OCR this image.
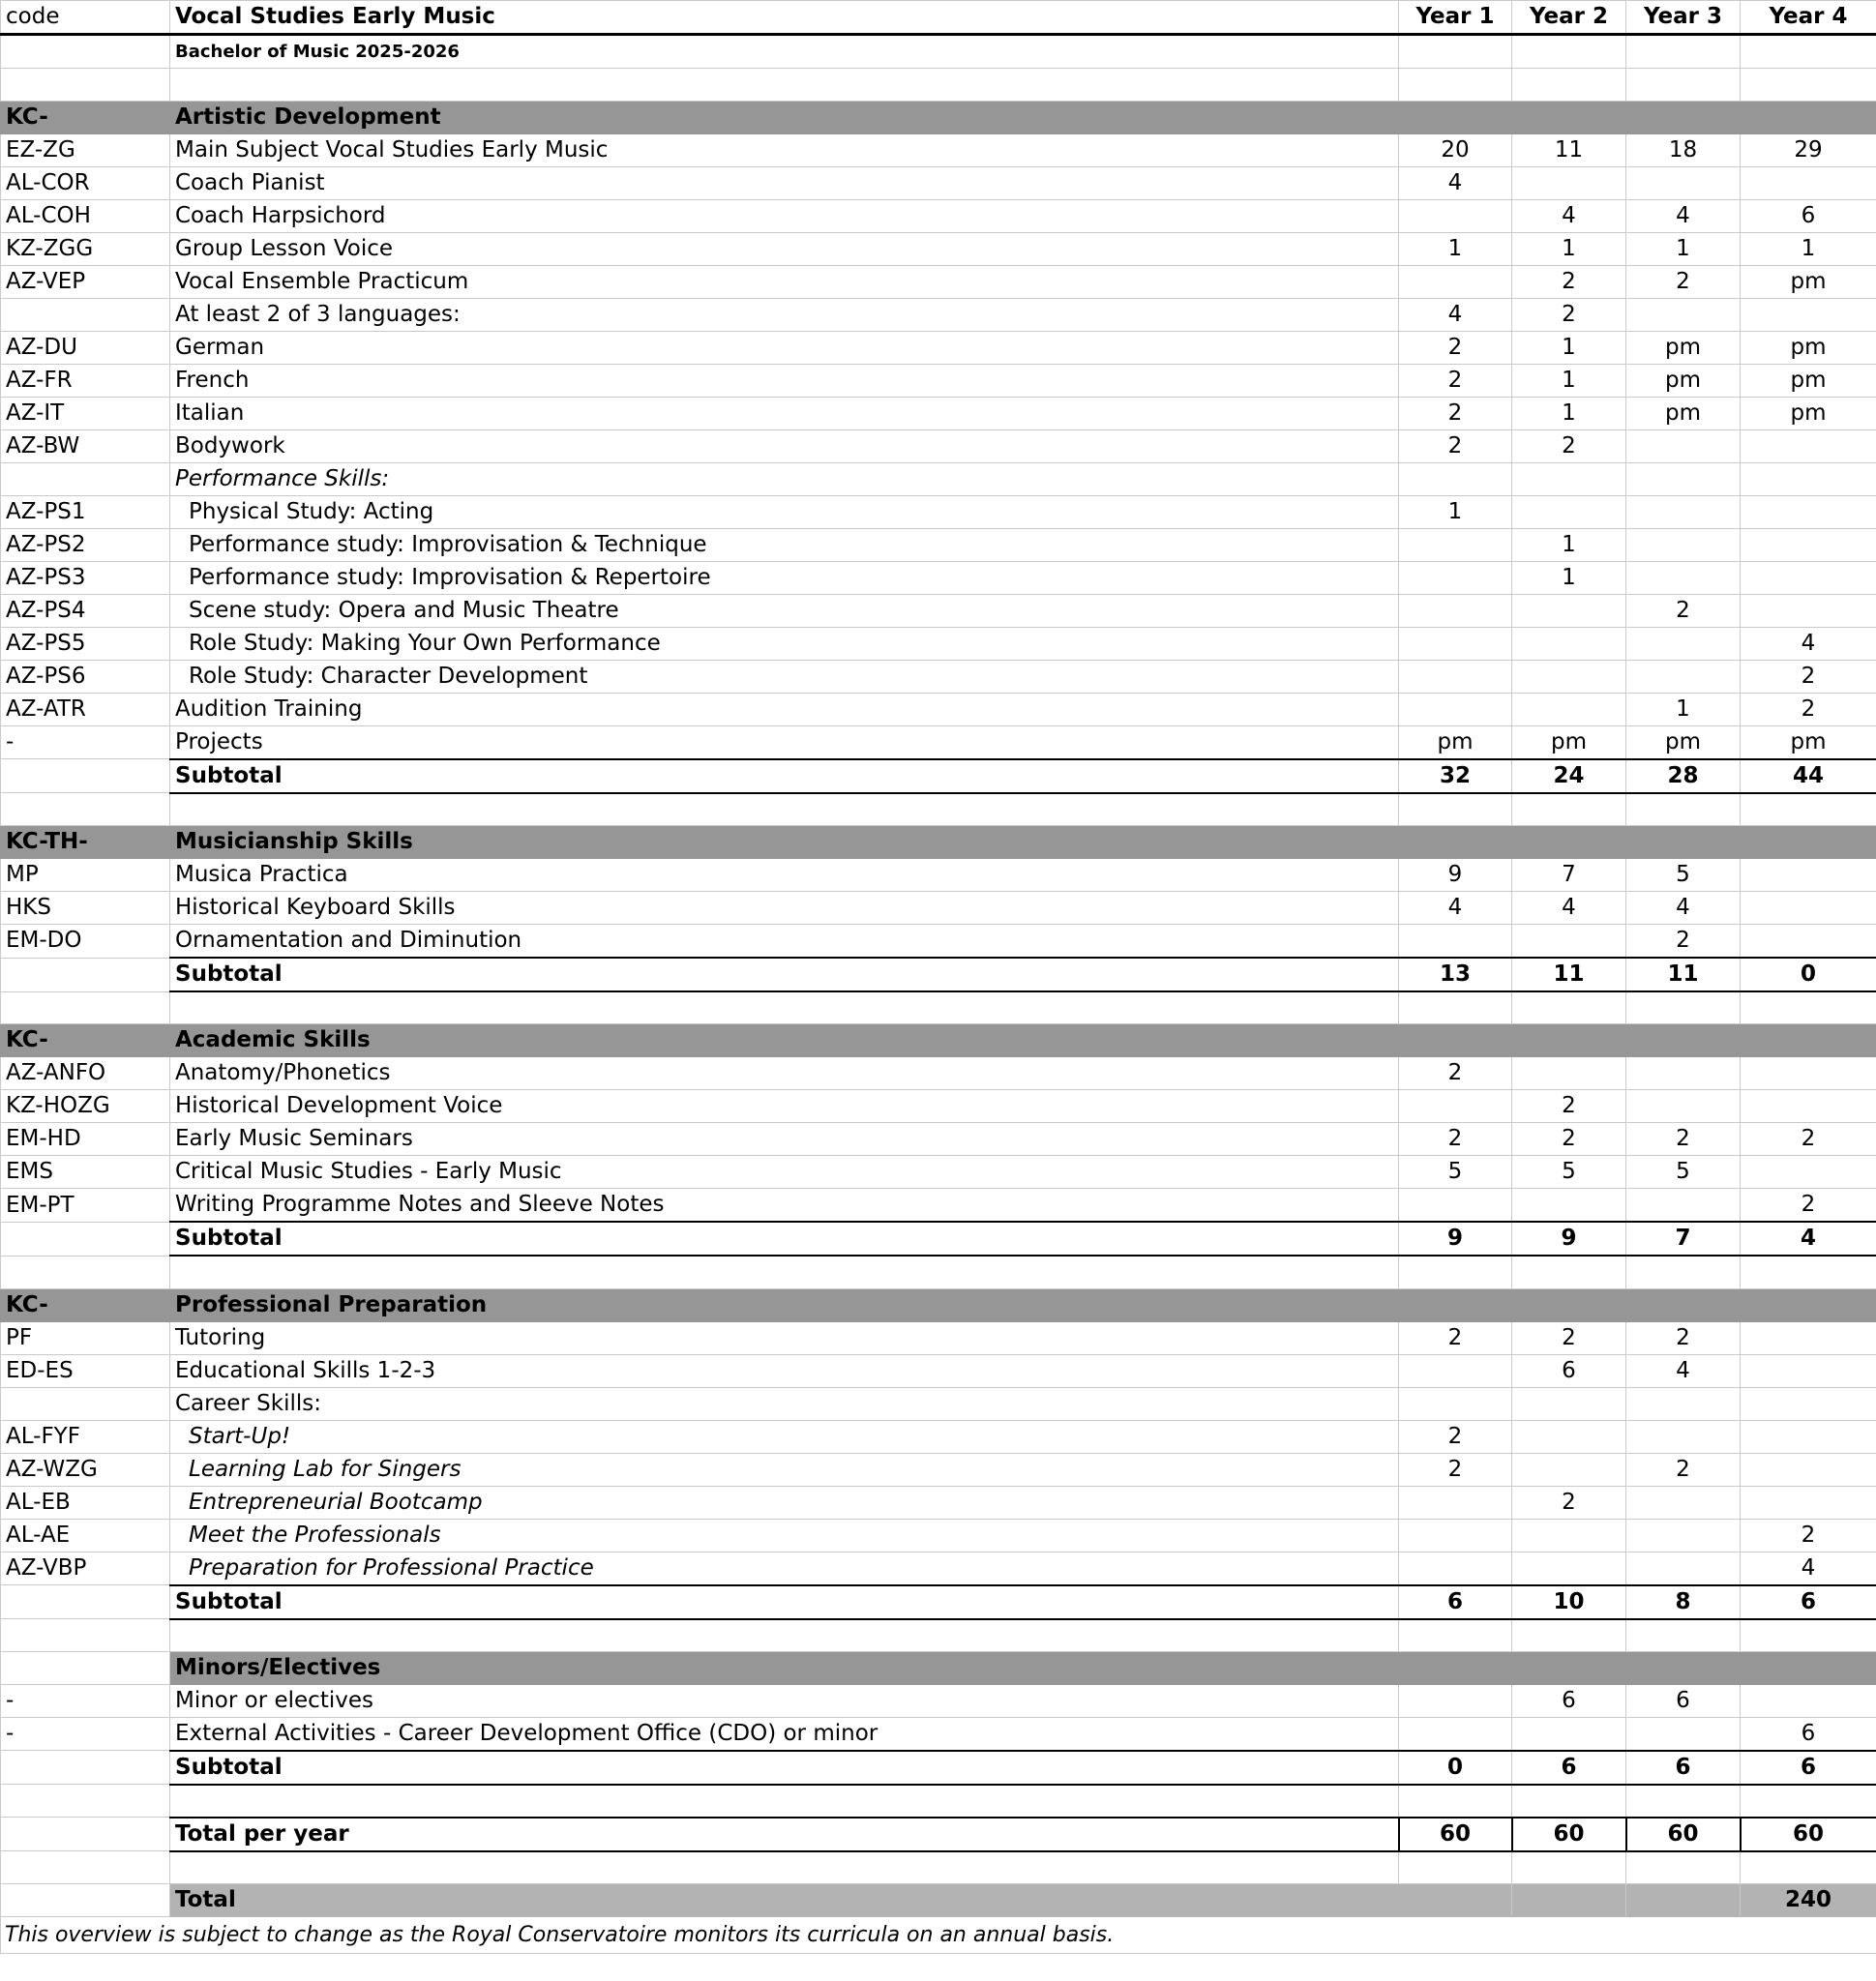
code	Vocal Studies Early Music	Year 1	Year 2	Year 3	Year 4
	Bachelor of Music 2025-2026				

KC-	Artistic Development				
EZ-ZG	Main Subject Vocal Studies Early Music	20	11	18	29
AL-COR	Coach Pianist	4			
AL-COH	Coach Harpsichord		4	4	6
KZ-ZGG	Group Lesson Voice	1	1	1	1
AZ-VEP	Vocal Ensemble Practicum		2	2	pm
	At least 2 of 3 languages:	4	2		
AZ-DU	German	2	1	pm	pm
AZ-FR	French	2	1	pm	pm
AZ-IT	Italian	2	1	pm	pm
AZ-BW	Bodywork	2	2		
	Performance Skills:				
AZ-PS1	Physical Study: Acting	1			
AZ-PS2	Performance study: Improvisation & Technique		1		
AZ-PS3	Performance study: Improvisation & Repertoire		1		
AZ-PS4	Scene study: Opera and Music Theatre			2	
AZ-PS5	Role Study: Making Your Own Performance				4
AZ-PS6	Role Study: Character Development				2
AZ-ATR	Audition Training			1	2
-	Projects	pm	pm	pm	pm
	Subtotal	32	24	28	44

KC-TH-	Musicianship Skills				
MP	Musica Practica	9	7	5	
HKS	Historical Keyboard Skills	4	4	4	
EM-DO	Ornamentation and Diminution			2	
	Subtotal	13	11	11	0

KC-	Academic Skills				
AZ-ANFO	Anatomy/Phonetics	2			
KZ-HOZG	Historical Development Voice		2		
EM-HD	Early Music Seminars	2	2	2	2
EMS	Critical Music Studies - Early Music	5	5	5	
EM-PT	Writing Programme Notes and Sleeve Notes				2
	Subtotal	9	9	7	4

KC-	Professional Preparation				
PF	Tutoring	2	2	2	
ED-ES	Educational Skills 1-2-3		6	4	
	Career Skills:				
AL-FYF	Start-Up!	2			
AZ-WZG	Learning Lab for Singers	2		2	
AL-EB	Entrepreneurial Bootcamp		2		
AL-AE	Meet the Professionals				2
AZ-VBP	Preparation for Professional Practice				4
	Subtotal	6	10	8	6

	Minors/Electives				
-	Minor or electives		6	6	
-	External Activities - Career Development Office (CDO) or minor				6
	Subtotal	0	6	6	6

	Total per year	60	60	60	60

	Total				240
This overview is subject to change as the Royal Conservatoire monitors its curricula on an annual basis.					
